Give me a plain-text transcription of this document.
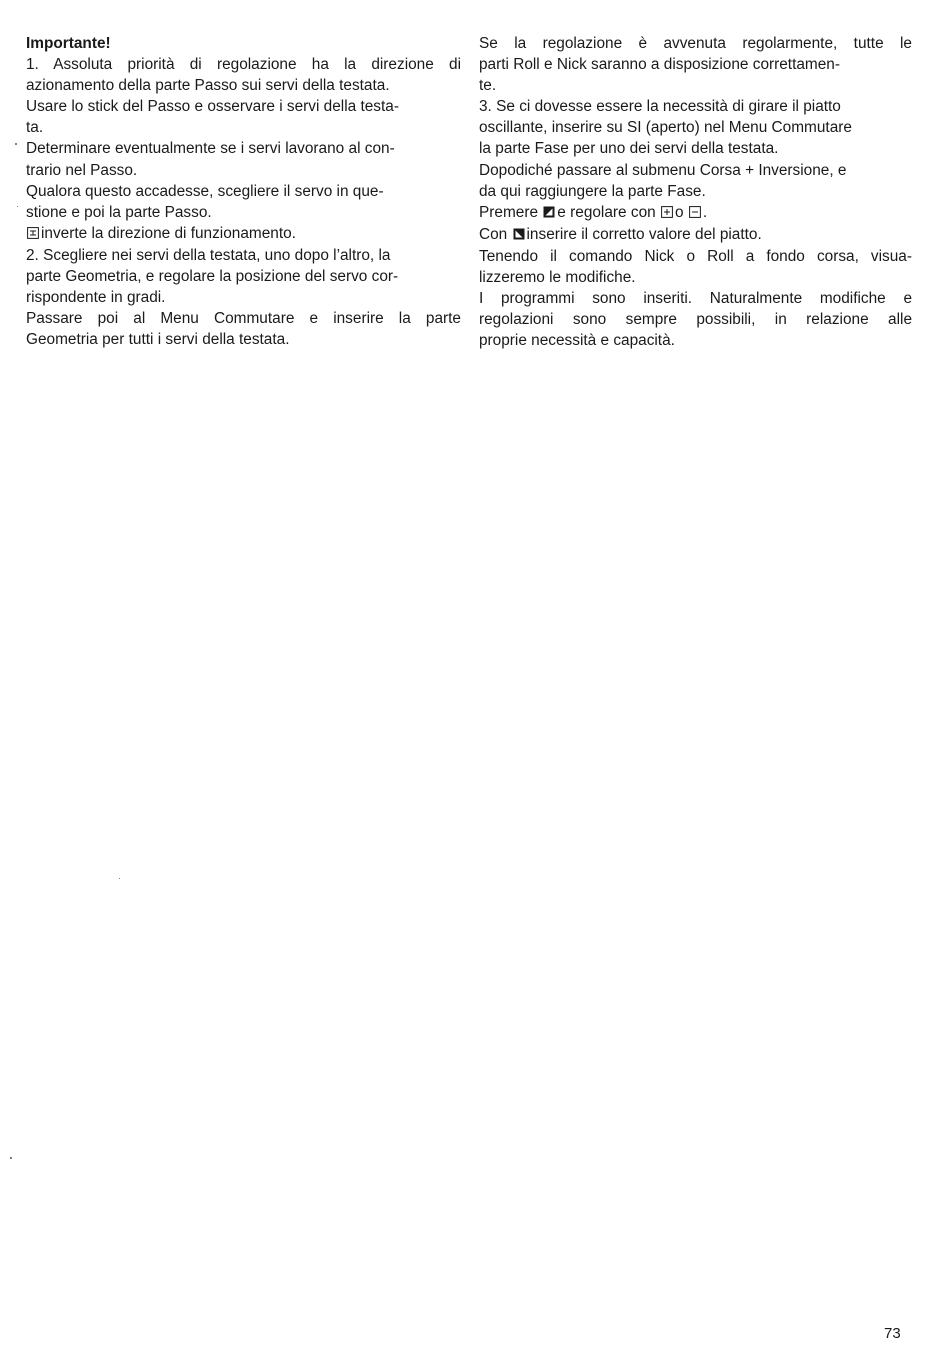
Importante!
1. Assoluta priorità di regolazione ha la direzione di
azionamento della parte Passo sui servi della testata.
Usare lo stick del Passo e osservare i servi della testa-
ta.
Determinare eventualmente se i servi lavorano al con-
trario nel Passo.
Qualora questo accadesse, scegliere il servo in que-
stione e poi la parte Passo.
inverte la direzione di funzionamento.
2. Scegliere nei servi della testata, uno dopo l’altro, la
parte Geometria, e regolare la posizione del servo cor-
rispondente in gradi.
Passare poi al Menu Commutare e inserire la parte
Geometria per tutti i servi della testata.
Se la regolazione è avvenuta regolarmente, tutte le
parti Roll e Nick saranno a disposizione correttamen-
te.
3. Se ci dovesse essere la necessità di girare il piatto
oscillante, inserire su SI (aperto) nel Menu Commutare
la parte Fase per uno dei servi della testata.
Dopodiché passare al submenu Corsa + Inversione, e
da qui raggiungere la parte Fase.
Premere e regolare con o .
Con inserire il corretto valore del piatto.
Tenendo il comando Nick o Roll a fondo corsa, visua-
lizzeremo le modifiche.
I programmi sono inseriti. Naturalmente modifiche e
regolazioni sono sempre possibili, in relazione alle
proprie necessità e capacità.
73
